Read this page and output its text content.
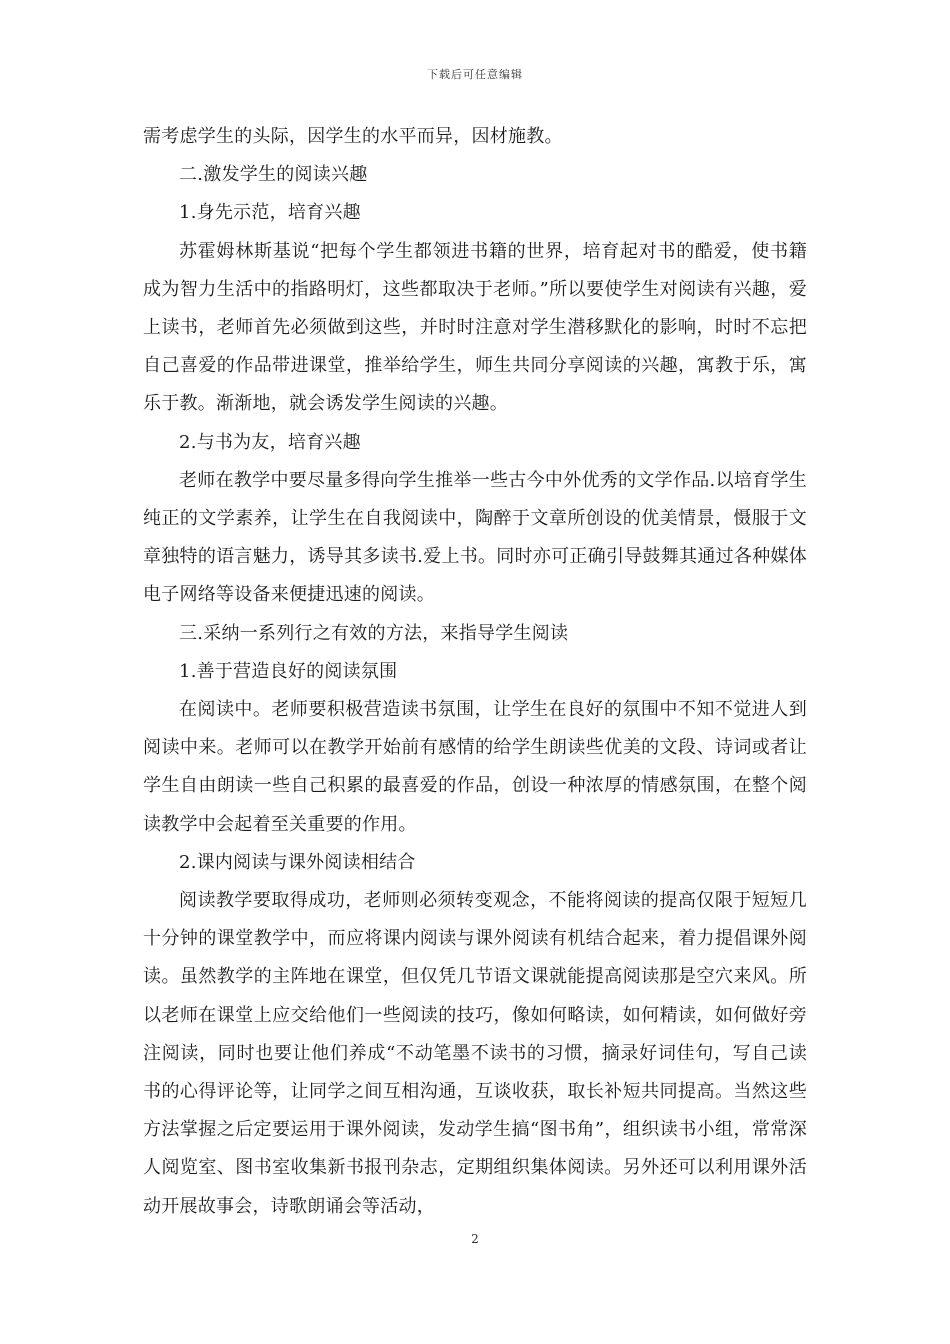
下载后可任意编辑

需考虑学生的头际，因学生的水平而异，因材施教。

二.激发学生的阅读兴趣

1.身先示范，培育兴趣

苏霍姆林斯基说“把每个学生都领进书籍的世界，培育起对书的酷爱，使书籍成为智力生活中的指路明灯，这些都取决于老师。”所以要使学生对阅读有兴趣，爱上读书，老师首先必须做到这些，并时时注意对学生潜移默化的影响，时时不忘把自己喜爱的作品带进课堂，推举给学生，师生共同分享阅读的兴趣，寓教于乐，寓乐于教。渐渐地，就会诱发学生阅读的兴趣。

2.与书为友，培育兴趣

老师在教学中要尽量多得向学生推举一些古今中外优秀的文学作品.以培育学生纯正的文学素养，让学生在自我阅读中，陶醉于文章所创设的优美情景，慑服于文章独特的语言魅力，诱导其多读书.爱上书。同时亦可正确引导鼓舞其通过各种媒体电子网络等设备来便捷迅速的阅读。

三.采纳一系列行之有效的方法，来指导学生阅读

1.善于营造良好的阅读氛围

在阅读中。老师要积极营造读书氛围，让学生在良好的氛围中不知不觉进人到阅读中来。老师可以在教学开始前有感情的给学生朗读些优美的文段、诗词或者让学生自由朗读一些自己积累的最喜爱的作品，创设一种浓厚的情感氛围，在整个阅读教学中会起着至关重要的作用。

2.课内阅读与课外阅读相结合

阅读教学要取得成功，老师则必须转变观念，不能将阅读的提高仅限于短短几十分钟的课堂教学中，而应将课内阅读与课外阅读有机结合起来，着力提倡课外阅读。虽然教学的主阵地在课堂，但仅凭几节语文课就能提高阅读那是空穴来风。所以老师在课堂上应交给他们一些阅读的技巧，像如何略读，如何精读，如何做好旁注阅读，同时也要让他们养成“不动笔墨不读书的习惯，摘录好词佳句，写自己读书的心得评论等，让同学之间互相沟通，互谈收获，取长补短共同提高。当然这些方法掌握之后定要运用于课外阅读，发动学生搞“图书角”，组织读书小组，常常深人阅览室、图书室收集新书报刊杂志，定期组织集体阅读。另外还可以利用课外活动开展故事会，诗歌朗诵会等活动，

2
